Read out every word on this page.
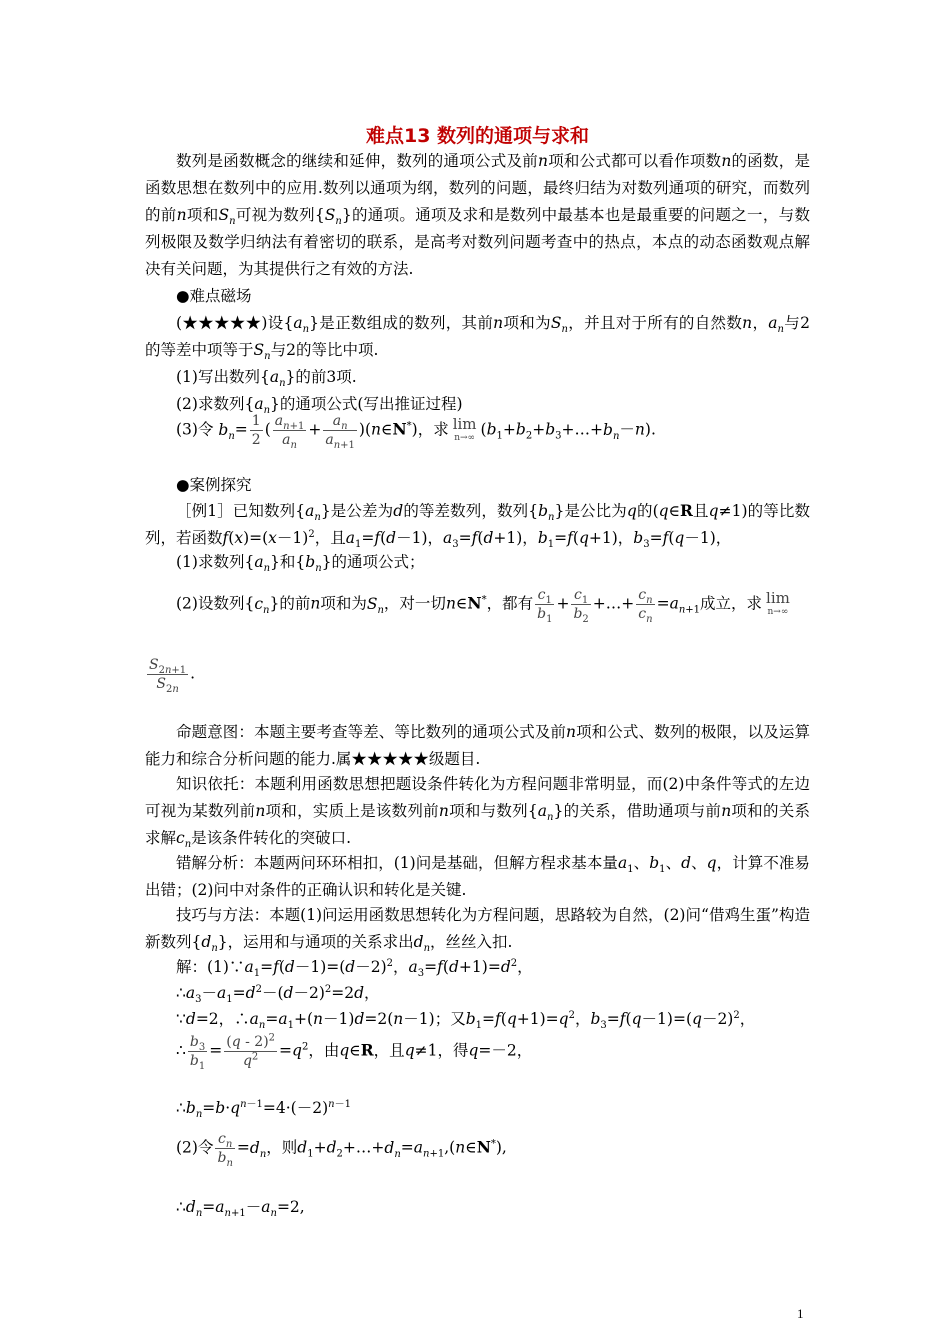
难点13 数列的通项与求和

数列是函数概念的继续和延伸，数列的通项公式及前n项和公式都可以看作项数n的函数，是函数思想在数列中的应用.数列以通项为纲，数列的问题，最终归结为对数列通项的研究，而数列的前n项和$S_n$可视为数列$\{S_n\}$的通项。通项及求和是数列中最基本也是最重要的问题之一，与数列极限及数学归纳法有着密切的联系，是高考对数列问题考查中的热点，本点的动态函数观点解决有关问题，为其提供行之有效的方法.

●难点磁场

(★★★★★)设$\{a_n\}$是正数组成的数列，其前n项和为$S_n$，并且对于所有的自然数n，$a_n$与2的等差中项等于$S_n$与2的等比中项.

(1)写出数列$\{a_n\}$的前3项.
(2)求数列$\{a_n\}$的通项公式(写出推证过程)
(3)令 $b_n= \frac{1}{2}$ ( $\frac{a_{n+1}}{a_n} + \frac{a_n}{a_{n+1}}$ )(n∈N*)，求 lim
n→∞ $(b_1+b_2+b_3+\dots+b_n-n)$.
●案例探究

［例1］已知数列$\{a_n\}$是公差为d的等差数列，数列$\{b_n\}$是公比为q的(q∈R且q≠1)的等比数列，若函数$f(x)=(x-1)^2$，且$a_1=f(d-1)$，$a_3=f(d+1)$，$b_1=f(q+1)$，$b_3=f(q-1)$，

(1)求数列$\{a_n\}$和$\{b_n\}$的通项公式；
(2)设数列$\{c_n\}$的前n项和为$S_n$，对一切n∈N*，都有 $\frac{c_1}{b_1} + \frac{c_1}{b_2}$ +…+ $\frac{c_n}{c_n} =a_{n+1}$成立，求 lim
n→∞
$\frac{S_{2n+1}}{S_{2n}}$ .

命题意图：本题主要考查等差、等比数列的通项公式及前n项和公式、数列的极限，以及运算能力和综合分析问题的能力.属★★★★★级题目.

知识依托：本题利用函数思想把题设条件转化为方程问题非常明显，而(2)中条件等式的左边可视为某数列前n项和，实质上是该数列前n项和与数列$\{a_n\}$的关系，借助通项与前n项和的关系求解$c_n$是该条件转化的突破口.

错解分析：本题两问环环相扣，(1)问是基础，但解方程求基本量$a_1$、$b_1$、d、q，计算不准易出错；(2)问中对条件的正确认识和转化是关键.

技巧与方法：本题(1)问运用函数思想转化为方程问题，思路较为自然，(2)问“借鸡生蛋”构造新数列$\{d_n\}$，运用和与通项的关系求出$d_n$，丝丝入扣.

解：$(1)\because a_1=f(d-1)=(d-2)^2$，$a_3=f(d+1)=d^2$，
$\therefore a_3-a_1=d^2-(d-2)^2=2d$，
∵d=2，$\therefore a_n=a_1+(n-1)d=2(n-1)$；又$b_1=f(q+1)=q^2$，$b_3=f(q-1)=(q-2)^2$，
∴ $\frac{b_3}{b_1} = \frac{(q - 2)^2}{q^2} =q^2$，由q∈R，且q≠1，得q=－2，
$\therefore b_n=b\cdot q^{n-1}=4\cdot(-2)^{n-1}$
(2)令 $\frac{c_n}{b_n} =d_n$，则$d_1+d_2+\dots+d_n=a_{n+1},(n\in N^*)$,
$\therefore d_n=a_{n+1}-a_n=2$,
1
